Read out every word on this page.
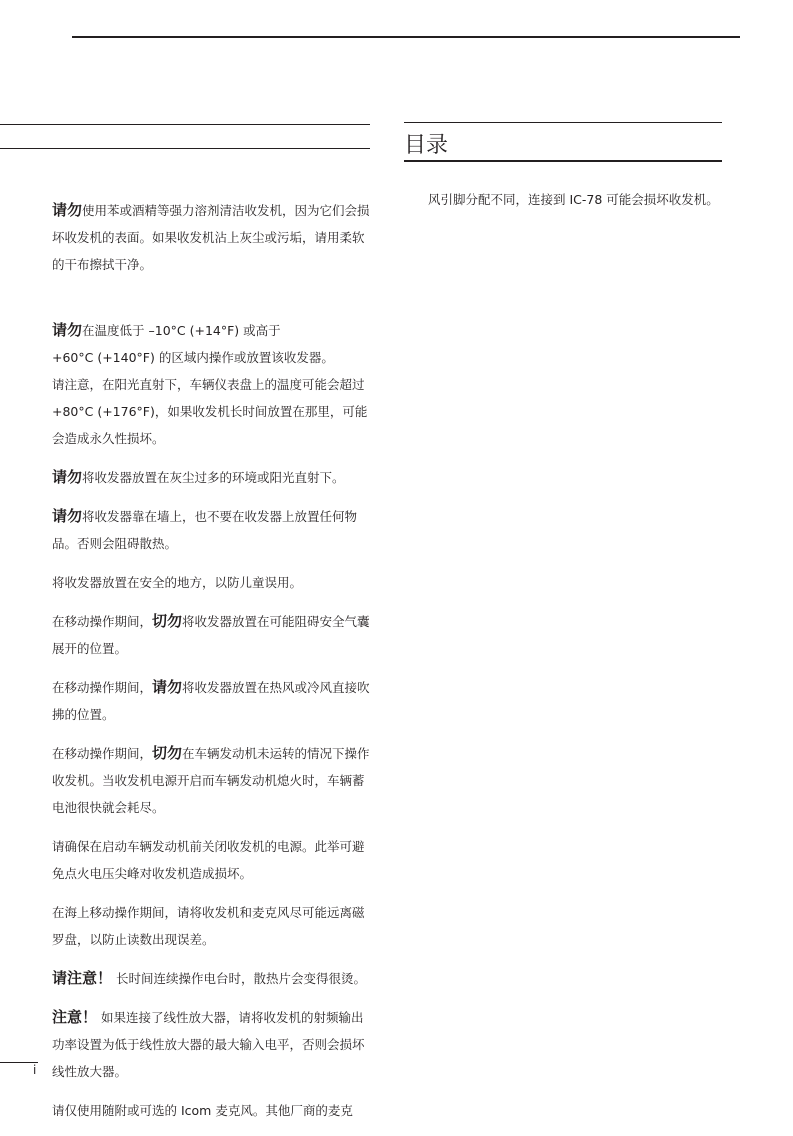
目录

风引脚分配不同，连接到 IC-78 可能会损坏收发机。

请勿使用苯或酒精等强力溶剂清洁收发机，因为它们会损坏收发机的表面。如果收发机沾上灰尘或污垢，请用柔软的干布擦拭干净。

请勿在温度低于 –10°C (+14°F) 或高于
+60°C (+140°F) 的区域内操作或放置该收发器。
请注意，在阳光直射下，车辆仪表盘上的温度可能会超过 +80°C (+176°F)，如果收发机长时间放置在那里，可能会造成永久性损坏。

请勿将收发器放置在灰尘过多的环境或阳光直射下。

请勿将收发器靠在墙上，也不要在收发器上放置任何物品。否则会阻碍散热。

将收发器放置在安全的地方，以防儿童误用。

在移动操作期间，切勿将收发器放置在可能阻碍安全气囊展开的位置。

在移动操作期间，请勿将收发器放置在热风或冷风直接吹拂的位置。

在移动操作期间，切勿在车辆发动机未运转的情况下操作收发机。当收发机电源开启而车辆发动机熄火时，车辆蓄电池很快就会耗尽。

请确保在启动车辆发动机前关闭收发机的电源。此举可避免点火电压尖峰对收发机造成损坏。

在海上移动操作期间，请将收发机和麦克风尽可能远离磁罗盘，以防止读数出现误差。

请注意！ 长时间连续操作电台时，散热片会变得很烫。

注意！ 如果连接了线性放大器，请将收发机的射频输出功率设置为低于线性放大器的最大输入电平，否则会损坏线性放大器。

请仅使用随附或可选的 Icom 麦克风。其他厂商的麦克

i
